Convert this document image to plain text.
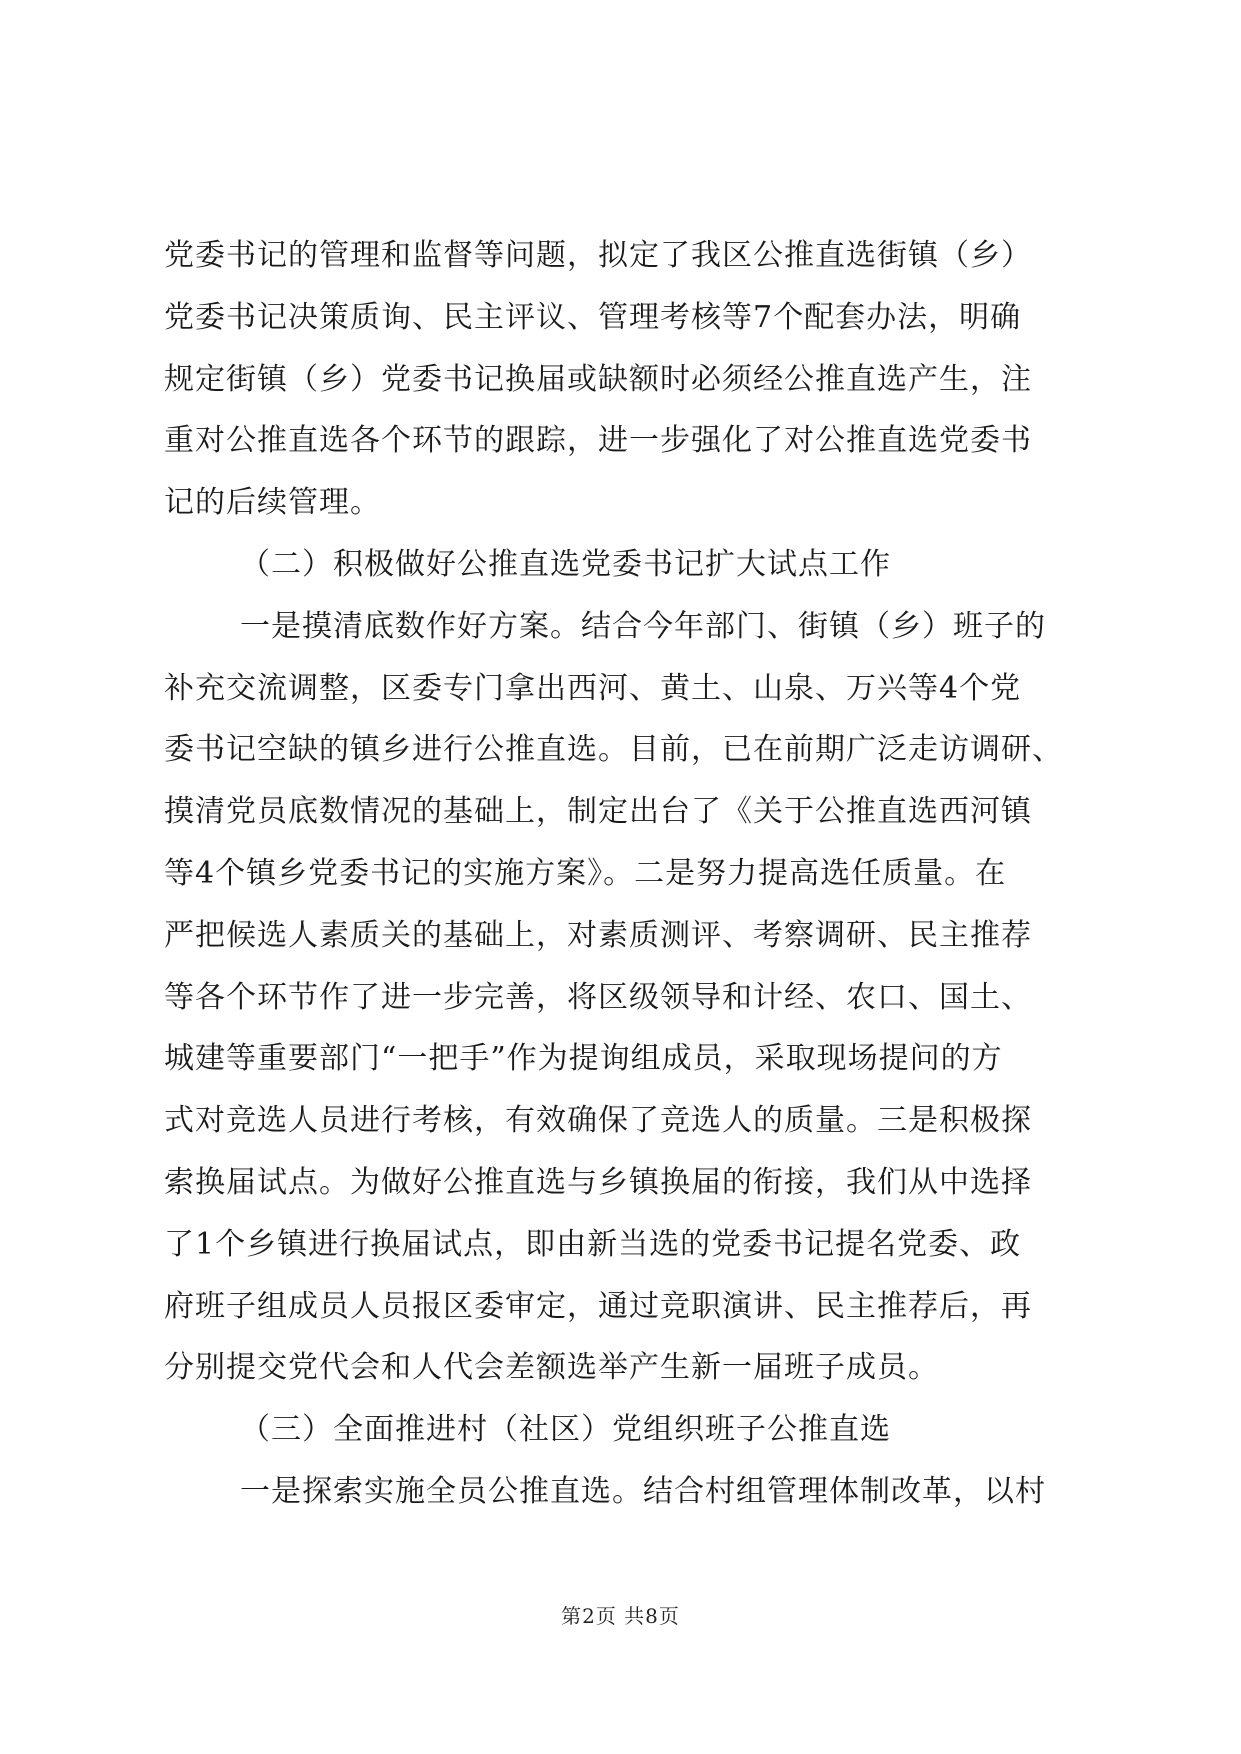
党委书记的管理和监督等问题，拟定了我区公推直选街镇（乡）
党委书记决策质询、民主评议、管理考核等7个配套办法，明确
规定街镇（乡）党委书记换届或缺额时必须经公推直选产生，注
重对公推直选各个环节的跟踪，进一步强化了对公推直选党委书
记的后续管理。
（二）积极做好公推直选党委书记扩大试点工作
一是摸清底数作好方案。结合今年部门、街镇（乡）班子的
补充交流调整，区委专门拿出西河、黄土、山泉、万兴等4个党
委书记空缺的镇乡进行公推直选。目前，已在前期广泛走访调研、
摸清党员底数情况的基础上，制定出台了《关于公推直选西河镇
等4个镇乡党委书记的实施方案》。二是努力提高选任质量。在
严把候选人素质关的基础上，对素质测评、考察调研、民主推荐
等各个环节作了进一步完善，将区级领导和计经、农口、国土、
城建等重要部门“一把手”作为提询组成员，采取现场提问的方
式对竞选人员进行考核，有效确保了竞选人的质量。三是积极探
索换届试点。为做好公推直选与乡镇换届的衔接，我们从中选择
了1个乡镇进行换届试点，即由新当选的党委书记提名党委、政
府班子组成员人员报区委审定，通过竞职演讲、民主推荐后，再
分别提交党代会和人代会差额选举产生新一届班子成员。
（三）全面推进村（社区）党组织班子公推直选
一是探索实施全员公推直选。结合村组管理体制改革，以村
第2页 共8页
